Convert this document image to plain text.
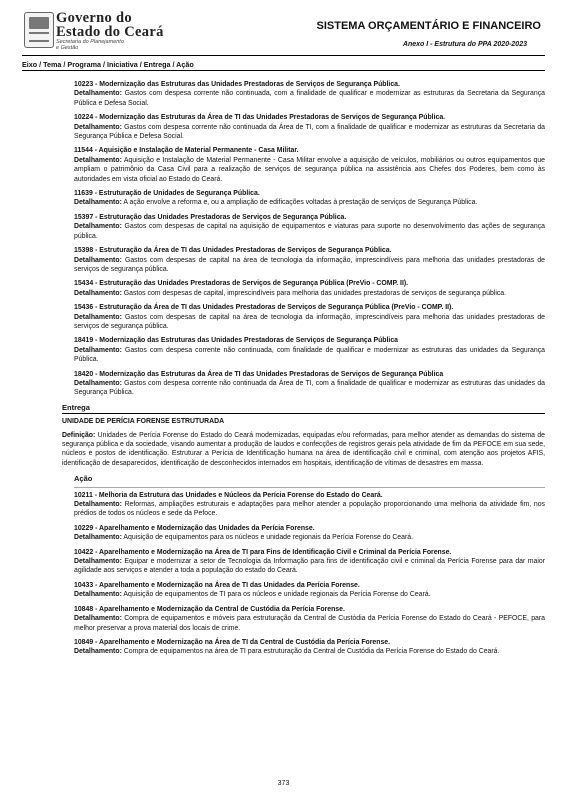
Governo do
Estado do Ceará
Secretaria do Planejamento e Gestão
SISTEMA ORÇAMENTÁRIO E FINANCEIRO
Anexo I - Estrutura do PPA 2020-2023
Eixo / Tema / Programa / Iniciativa / Entrega / Ação
10223 - Modernização das Estruturas das Unidades Prestadoras de Serviços de Segurança Pública.
Detalhamento: Gastos com despesa corrente não continuada, com a finalidade de qualificar e modernizar as estruturas da Secretaria da Segurança Pública e Defesa Social.
10224 - Modernização das Estruturas da Área de TI das Unidades Prestadoras de Serviços de Segurança Pública.
Detalhamento: Gastos com despesa corrente não continuada da Área de TI, com a finalidade de qualificar e modernizar as estruturas da Secretaria da Segurança Pública e Defesa Social.
11544 - Aquisição e Instalação de Material Permanente - Casa Militar.
Detalhamento: Aquisição e Instalação de Material Permanente - Casa Militar envolve a aquisição de veículos, mobiliários ou outros equipamentos que ampliam o patrimônio da Casa Civil para a realização de serviços de segurança pública na assistência aos Chefes dos Poderes, bem como às autoridades em vista oficial ao Estado do Ceará.
11639 - Estruturação de Unidades de Segurança Pública.
Detalhamento: A ação envolve a reforma e, ou a ampliação de edificações voltadas à prestação de serviços de Segurança Pública.
15397 - Estruturação das Unidades Prestadoras de Serviços de Segurança Pública.
Detalhamento: Gastos com despesas de capital na aquisição de equipamentos e viaturas para suporte no desenvolvimento das ações de segurança pública.
15398 - Estruturação da Área de TI das Unidades Prestadoras de Serviços de Segurança Pública.
Detalhamento: Gastos com despesas de capital na área de tecnologia da informação, imprescindíveis para melhoria das unidades prestadoras de serviços de segurança pública.
15434 - Estruturação das Unidades Prestadoras de Serviços de Segurança Pública (PreVio - COMP. II).
Detalhamento: Gastos com despesas de capital, imprescindíveis para melhoria das unidades prestadoras de serviços de segurança pública.
15436 - Estruturação da Área de TI das Unidades Prestadoras de Serviços de Segurança Pública (PreVio - COMP. II).
Detalhamento: Gastos com despesas de capital na área de tecnologia da informação, imprescindíveis para melhoria das unidades prestadoras de serviços de segurança pública.
18419 - Modernização das Estruturas das Unidades Prestadoras de Serviços de Segurança Pública
Detalhamento: Gastos com despesa corrente não continuada, com finalidade de qualificar e modernizar as estruturas das unidades da Segurança Pública.
18420 - Modernização das Estruturas da Área de TI das Unidades Prestadoras de Serviços de Segurança Pública
Detalhamento: Gastos com despesa corrente não continuada da Área de TI, com a finalidade de qualificar e modernizar as estruturas das unidades da Segurança Pública.
Entrega
UNIDADE DE PERÍCIA FORENSE ESTRUTURADA
Definição: Unidades de Perícia Forense do Estado do Ceará modernizadas, equipadas e/ou reformadas, para melhor atender as demandas do sistema de segurança pública e da sociedade, visando aumentar a produção de laudos e confecções de registros gerais pela atividade de fim da PEFOCE em sua sede, núcleos e postos de identificação. Estruturar a Perícia de Identificação humana na área de identificação civil e criminal, com atenção aos projetos AFIS, identificação de desaparecidos, identificação de desconhecidos internados em hospitais, identificação de vítimas de desastres em massa.
Ação
10211 - Melhoria da Estrutura das Unidades e Núcleos da Perícia Forense do Estado do Ceará.
Detalhamento: Reformas, ampliações estruturais e adaptações para melhor atender a população proporcionando uma melhoria da atividade fim, nos prédios de todos os núcleos e sede da Pefoce.
10229 - Aparelhamento e Modernização das Unidades da Perícia Forense.
Detalhamento: Aquisição de equipamentos para os núcleos e unidade regionais da Perícia Forense do Ceará.
10422 - Aparelhamento e Modernização na Área de TI para Fins de Identificação Civil e Criminal da Perícia Forense.
Detalhamento: Equipar e modernizar a setor de Tecnologia da Informação para fins de identificação civil e criminal da Perícia Forense para dar maior agilidade aos serviços e atender a toda a população do estado do Ceará.
10433 - Aparelhamento e Modernização na Área de TI das Unidades da Perícia Forense.
Detalhamento: Aquisição de equipamentos de TI para os núcleos e unidade regionais da Perícia Forense do Ceará.
10848 - Aparelhamento e Modernização da Central de Custódia da Perícia Forense.
Detalhamento: Compra de equipamentos e móveis para estruturação da Central de Custódia da Perícia Forense do Estado do Ceará - PEFOCE, para melhor preservar a prova material dos locais de crime.
10849 - Aparelhamento e Modernização na Área de TI da Central de Custódia da Perícia Forense.
Detalhamento: Compra de equipamentos na área de TI para estruturação da Central de Custódia da Perícia Forense do Estado do Ceará.
373
